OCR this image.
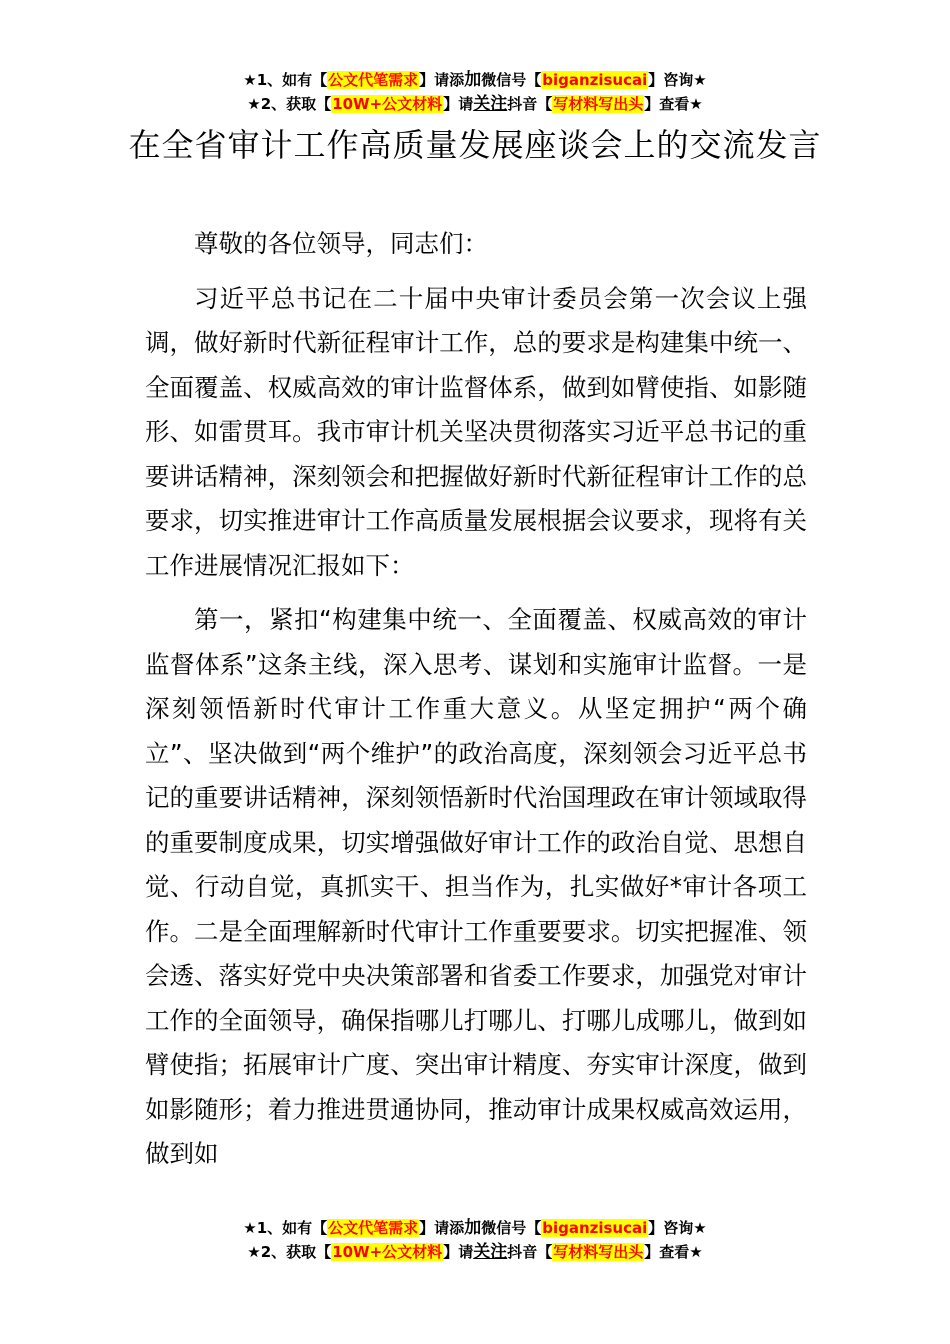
★1、如有【公文代笔需求】请添加微信号【biganzisucai】咨询★
★2、获取【10W+公文材料】请关注抖音【写材料写出头】查看★
在全省审计工作高质量发展座谈会上的交流发言

尊敬的各位领导，同志们：

习近平总书记在二十届中央审计委员会第一次会议上强调，做好新时代新征程审计工作，总的要求是构建集中统一、全面覆盖、权威高效的审计监督体系，做到如臂使指、如影随形、如雷贯耳。我市审计机关坚决贯彻落实习近平总书记的重要讲话精神，深刻领会和把握做好新时代新征程审计工作的总要求，切实推进审计工作高质量发展根据会议要求，现将有关工作进展情况汇报如下：

第一，紧扣“构建集中统一、全面覆盖、权威高效的审计监督体系”这条主线，深入思考、谋划和实施审计监督。一是深刻领悟新时代审计工作重大意义。从坚定拥护“两个确立”、坚决做到“两个维护”的政治高度，深刻领会习近平总书记的重要讲话精神，深刻领悟新时代治国理政在审计领域取得的重要制度成果，切实增强做好审计工作的政治自觉、思想自觉、行动自觉，真抓实干、担当作为，扎实做好*审计各项工作。二是全面理解新时代审计工作重要要求。切实把握准、领会透、落实好党中央决策部署和省委工作要求，加强党对审计工作的全面领导，确保指哪儿打哪儿、打哪儿成哪儿，做到如臂使指；拓展审计广度、突出审计精度、夯实审计深度，做到如影随形；着力推进贯通协同，推动审计成果权威高效运用，做到如

★1、如有【公文代笔需求】请添加微信号【biganzisucai】咨询★
★2、获取【10W+公文材料】请关注抖音【写材料写出头】查看★
